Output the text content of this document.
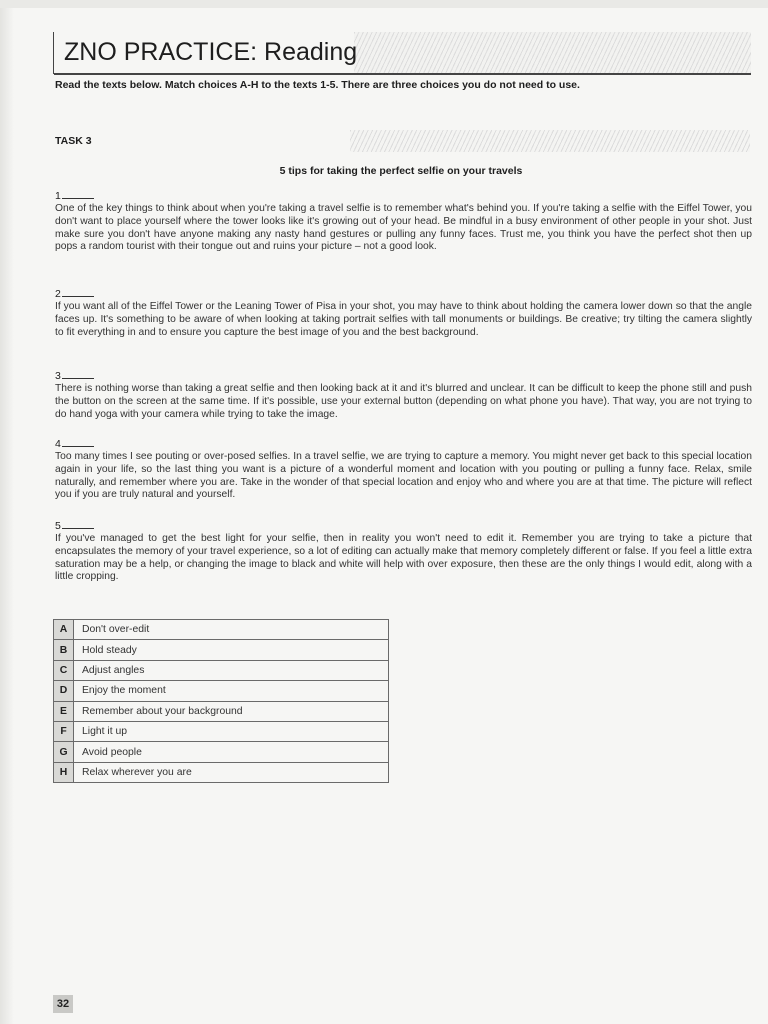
ZNO PRACTICE: Reading
Read the texts below. Match choices A-H to the texts 1-5. There are three choices you do not need to use.
TASK 3
5 tips for taking the perfect selfie on your travels
1
One of the key things to think about when you're taking a travel selfie is to remember what's behind you. If you're taking a selfie with the Eiffel Tower, you don't want to place yourself where the tower looks like it's growing out of your head. Be mindful in a busy environment of other people in your shot. Just make sure you don't have anyone making any nasty hand gestures or pulling any funny faces. Trust me, you think you have the perfect shot then up pops a random tourist with their tongue out and ruins your picture – not a good look.
2
If you want all of the Eiffel Tower or the Leaning Tower of Pisa in your shot, you may have to think about holding the camera lower down so that the angle faces up. It's something to be aware of when looking at taking portrait selfies with tall monuments or buildings. Be creative; try tilting the camera slightly to fit everything in and to ensure you capture the best image of you and the best background.
3
There is nothing worse than taking a great selfie and then looking back at it and it's blurred and unclear. It can be difficult to keep the phone still and push the button on the screen at the same time. If it's possible, use your external button (depending on what phone you have). That way, you are not trying to do hand yoga with your camera while trying to take the image.
4
Too many times I see pouting or over-posed selfies. In a travel selfie, we are trying to capture a memory. You might never get back to this special location again in your life, so the last thing you want is a picture of a wonderful moment and location with you pouting or pulling a funny face. Relax, smile naturally, and remember where you are. Take in the wonder of that special location and enjoy who and where you are at that time. The picture will reflect you if you are truly natural and yourself.
5
If you've managed to get the best light for your selfie, then in reality you won't need to edit it. Remember you are trying to take a picture that encapsulates the memory of your travel experience, so a lot of editing can actually make that memory completely different or false. If you feel a little extra saturation may be a help, or changing the image to black and white will help with over exposure, then these are the only things I would edit, along with a little cropping.
A	Don't over-edit
B	Hold steady
C	Adjust angles
D	Enjoy the moment
E	Remember about your background
F	Light it up
G	Avoid people
H	Relax wherever you are
32
